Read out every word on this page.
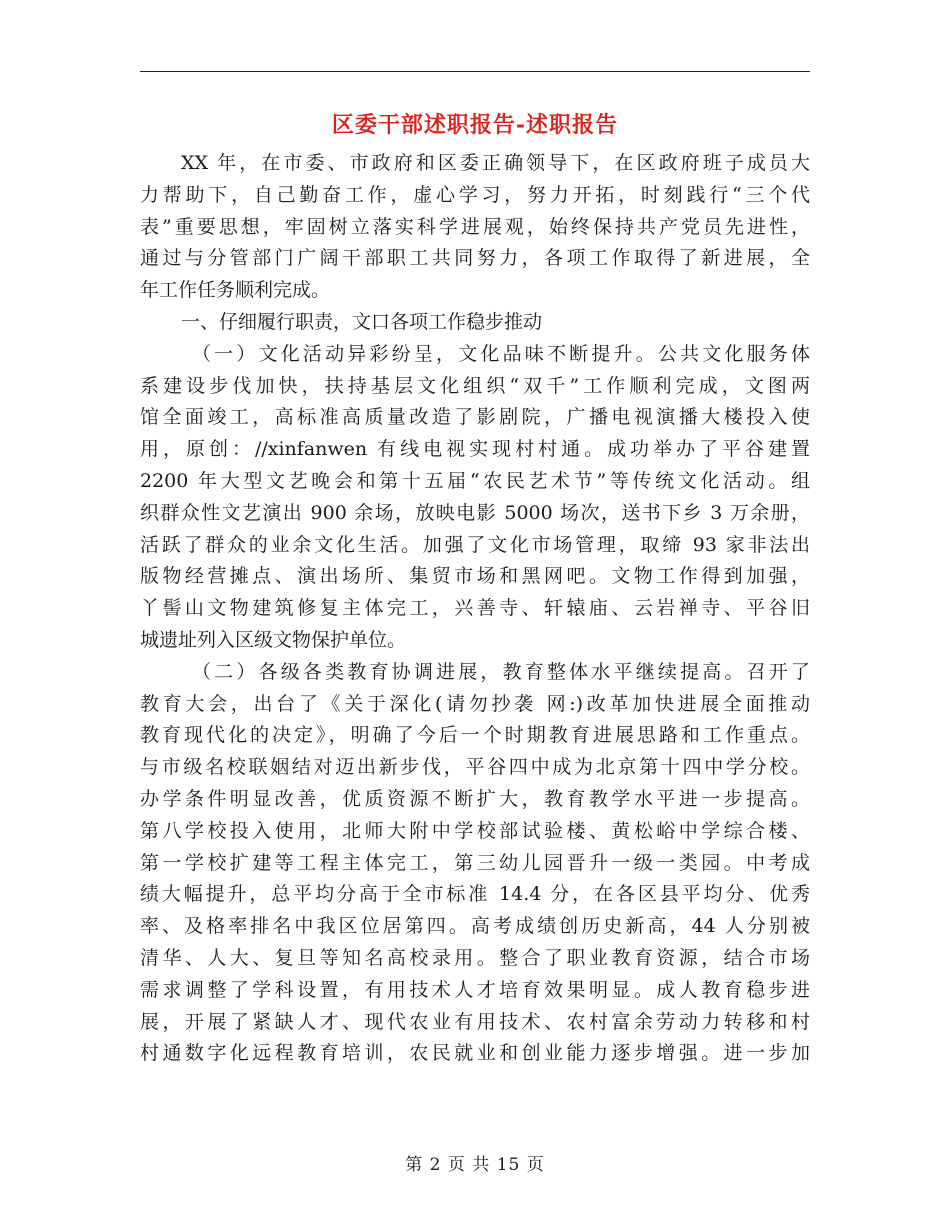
区委干部述职报告-述职报告
XX 年，在市委、市政府和区委正确领导下，在区政府班子成员大
力帮助下，自己勤奋工作，虚心学习，努力开拓，时刻践行“三个代
表”重要思想，牢固树立落实科学进展观，始终保持共产党员先进性，
通过与分管部门广阔干部职工共同努力，各项工作取得了新进展，全
年工作任务顺利完成。
一、仔细履行职责，文口各项工作稳步推动
（一）文化活动异彩纷呈，文化品味不断提升。公共文化服务体
系建设步伐加快，扶持基层文化组织“双千”工作顺利完成，文图两
馆全面竣工，高标准高质量改造了影剧院，广播电视演播大楼投入使
用，原创：//xinfanwen 有线电视实现村村通。成功举办了平谷建置
2200 年大型文艺晚会和第十五届“农民艺术节”等传统文化活动。组
织群众性文艺演出 900 余场，放映电影 5000 场次，送书下乡 3 万余册，
活跃了群众的业余文化生活。加强了文化市场管理，取缔 93 家非法出
版物经营摊点、演出场所、集贸市场和黑网吧。文物工作得到加强，
丫髻山文物建筑修复主体完工，兴善寺、轩辕庙、云岩禅寺、平谷旧
城遗址列入区级文物保护单位。
（二）各级各类教育协调进展，教育整体水平继续提高。召开了
教育大会，出台了《关于深化(请勿抄袭 网:)改革加快进展全面推动
教育现代化的决定》，明确了今后一个时期教育进展思路和工作重点。
与市级名校联姻结对迈出新步伐，平谷四中成为北京第十四中学分校。
办学条件明显改善，优质资源不断扩大，教育教学水平进一步提高。
第八学校投入使用，北师大附中学校部试验楼、黄松峪中学综合楼、
第一学校扩建等工程主体完工，第三幼儿园晋升一级一类园。中考成
绩大幅提升，总平均分高于全市标准 14.4 分，在各区县平均分、优秀
率、及格率排名中我区位居第四。高考成绩创历史新高，44 人分别被
清华、人大、复旦等知名高校录用。整合了职业教育资源，结合市场
需求调整了学科设置，有用技术人才培育效果明显。成人教育稳步进
展，开展了紧缺人才、现代农业有用技术、农村富余劳动力转移和村
村通数字化远程教育培训，农民就业和创业能力逐步增强。进一步加
第 2 页 共 15 页
